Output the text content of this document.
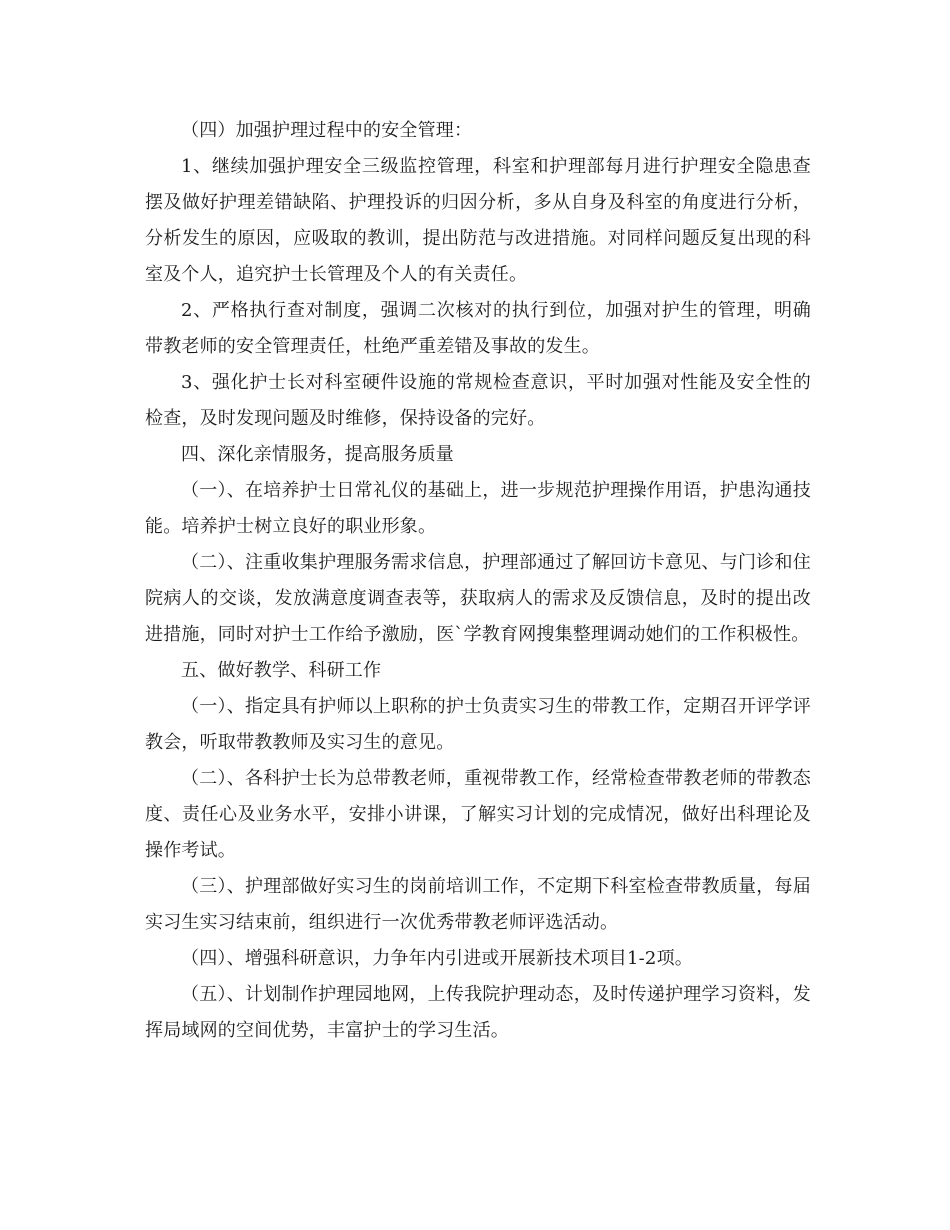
（四）加强护理过程中的安全管理：

1、继续加强护理安全三级监控管理，科室和护理部每月进行护理安全隐患查摆及做好护理差错缺陷、护理投诉的归因分析，多从自身及科室的角度进行分析，分析发生的原因，应吸取的教训，提出防范与改进措施。对同样问题反复出现的科室及个人，追究护士长管理及个人的有关责任。

2、严格执行查对制度，强调二次核对的执行到位，加强对护生的管理，明确带教老师的安全管理责任，杜绝严重差错及事故的发生。

3、强化护士长对科室硬件设施的常规检查意识，平时加强对性能及安全性的检查，及时发现问题及时维修，保持设备的完好。

四、深化亲情服务，提高服务质量

（一）、在培养护士日常礼仪的基础上，进一步规范护理操作用语，护患沟通技能。培养护士树立良好的职业形象。

（二）、注重收集护理服务需求信息，护理部通过了解回访卡意见、与门诊和住院病人的交谈，发放满意度调查表等，获取病人的需求及反馈信息，及时的提出改进措施，同时对护士工作给予激励，医`学教育网搜集整理调动她们的工作积极性。

五、做好教学、科研工作

（一）、指定具有护师以上职称的护士负责实习生的带教工作，定期召开评学评教会，听取带教教师及实习生的意见。

（二）、各科护士长为总带教老师，重视带教工作，经常检查带教老师的带教态度、责任心及业务水平，安排小讲课，了解实习计划的完成情况，做好出科理论及操作考试。

（三）、护理部做好实习生的岗前培训工作，不定期下科室检查带教质量，每届实习生实习结束前，组织进行一次优秀带教老师评选活动。

（四）、增强科研意识，力争年内引进或开展新技术项目1-2项。

（五）、计划制作护理园地网，上传我院护理动态，及时传递护理学习资料，发挥局域网的空间优势，丰富护士的学习生活。
